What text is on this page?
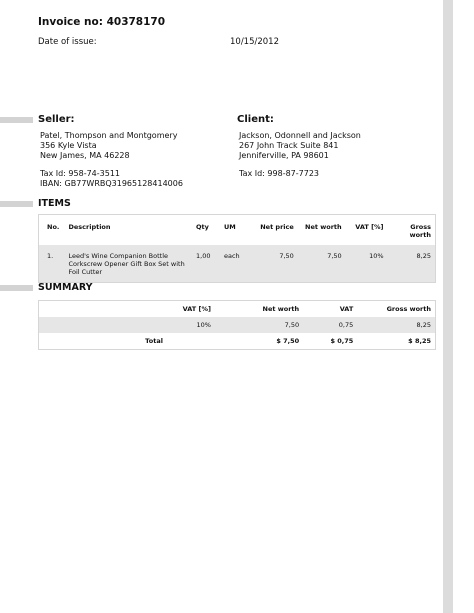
Invoice no: 40378170
Date of issue:	10/15/2012
Seller:	Client:
Patel, Thompson and Montgomery
356 Kyle Vista
New James, MA 46228
Tax Id: 958-74-3511
IBAN: GB77WRBQ31965128414006
Jackson, Odonnell and Jackson
267 John Track Suite 841
Jenniferville, PA 98601
Tax Id: 998-87-7723
ITEMS
No.	Description	Qty	UM	Net price	Net worth	VAT [%]	Gross
worth
1.	Leed's Wine Companion Bottle Corkscrew Opener Gift Box Set with Foil Cutter	1,00	each	7,50	7,50	10%	8,25
SUMMARY
VAT [%]	Net worth	VAT	Gross worth
10%	7,50	0,75	8,25
Total	$ 7,50	$ 0,75	$ 8,25
